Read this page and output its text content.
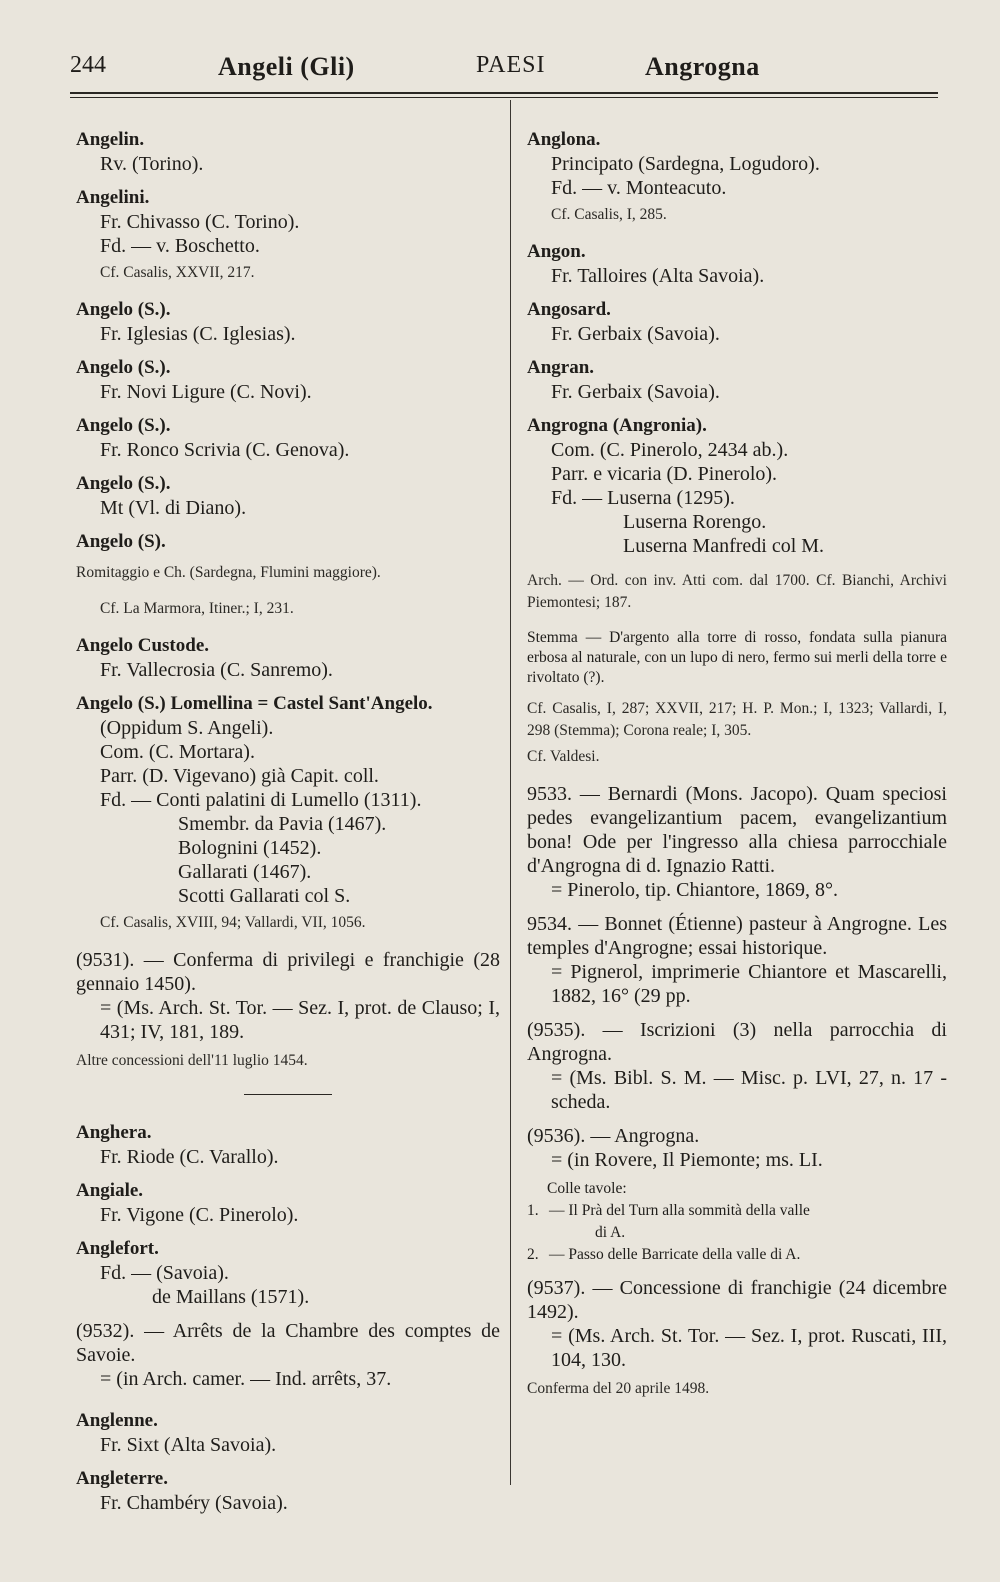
244	Angeli (Gli)	PAESI	Angrogna
Angelin.
Rv. (Torino).
Angelini.
Fr. Chivasso (C. Torino).
Fd. — v. Boschetto.
Cf. Casalis, XXVII, 217.
Angelo (S.).
Fr. Iglesias (C. Iglesias).
Angelo (S.).
Fr. Novi Ligure (C. Novi).
Angelo (S.).
Fr. Ronco Scrivia (C. Genova).
Angelo (S.).
Mt (Vl. di Diano).
Angelo (S).
Romitaggio e Ch. (Sardegna, Flumini maggiore).
Cf. La Marmora, Itiner.; I, 231.
Angelo Custode.
Fr. Vallecrosia (C. Sanremo).
Angelo (S.) Lomellina = Castel Sant'Angelo.
(Oppidum S. Angeli).
Com. (C. Mortara).
Parr. (D. Vigevano) già Capit. coll.
Fd. — Conti palatini di Lumello (1311).
Smembr. da Pavia (1467).
Bolognini (1452).
Gallarati (1467).
Scotti Gallarati col S.
Cf. Casalis, XVIII, 94; Vallardi, VII, 1056.
(9531). — Conferma di privilegi e franchigie (28 gennaio 1450).
= (Ms. Arch. St. Tor. — Sez. I, prot. de Clauso; I, 431; IV, 181, 189.
Altre concessioni dell'11 luglio 1454.
Anghera.
Fr. Riode (C. Varallo).
Angiale.
Fr. Vigone (C. Pinerolo).
Anglefort.
Fd. — (Savoia).
de Maillans (1571).
(9532). — Arrêts de la Chambre des comptes de Savoie.
= (in Arch. camer. — Ind. arrêts, 37.
Anglenne.
Fr. Sixt (Alta Savoia).
Angleterre.
Fr. Chambéry (Savoia).
Anglona.
Principato (Sardegna, Logudoro).
Fd. — v. Monteacuto.
Cf. Casalis, I, 285.
Angon.
Fr. Talloires (Alta Savoia).
Angosard.
Fr. Gerbaix (Savoia).
Angran.
Fr. Gerbaix (Savoia).
Angrogna (Angronia).
Com. (C. Pinerolo, 2434 ab.).
Parr. e vicaria (D. Pinerolo).
Fd. — Luserna (1295).
Luserna Rorengo.
Luserna Manfredi col M.
Arch. — Ord. con inv. Atti com. dal 1700. Cf. Bianchi, Archivi Piemontesi; 187.
Stemma — D'argento alla torre di rosso, fondata sulla pianura erbosa al naturale, con un lupo di nero, fermo sui merli della torre e rivoltato (?).
Cf. Casalis, I, 287; XXVII, 217; H. P. Mon.; I, 1323; Vallardi, I, 298 (Stemma); Corona reale; I, 305.
Cf. Valdesi.
9533. — Bernardi (Mons. Jacopo). Quam speciosi pedes evangelizantium pacem, evangelizantium bona! Ode per l'ingresso alla chiesa parrocchiale d'Angrogna di d. Ignazio Ratti.
= Pinerolo, tip. Chiantore, 1869, 8°.
9534. — Bonnet (Étienne) pasteur à Angrogne. Les temples d'Angrogne; essai historique.
= Pignerol, imprimerie Chiantore et Mascarelli, 1882, 16° (29 pp.
(9535). — Iscrizioni (3) nella parrocchia di Angrogna.
= (Ms. Bibl. S. M. — Misc. p. LVI, 27, n. 17 - scheda.
(9536). — Angrogna.
= (in Rovere, Il Piemonte; ms. LI.
Colle tavole:
1. — Il Prà del Turn alla sommità della valle
di A.
2. — Passo delle Barricate della valle di A.
(9537). — Concessione di franchigie (24 dicembre 1492).
= (Ms. Arch. St. Tor. — Sez. I, prot. Ruscati, III, 104, 130.
Conferma del 20 aprile 1498.
